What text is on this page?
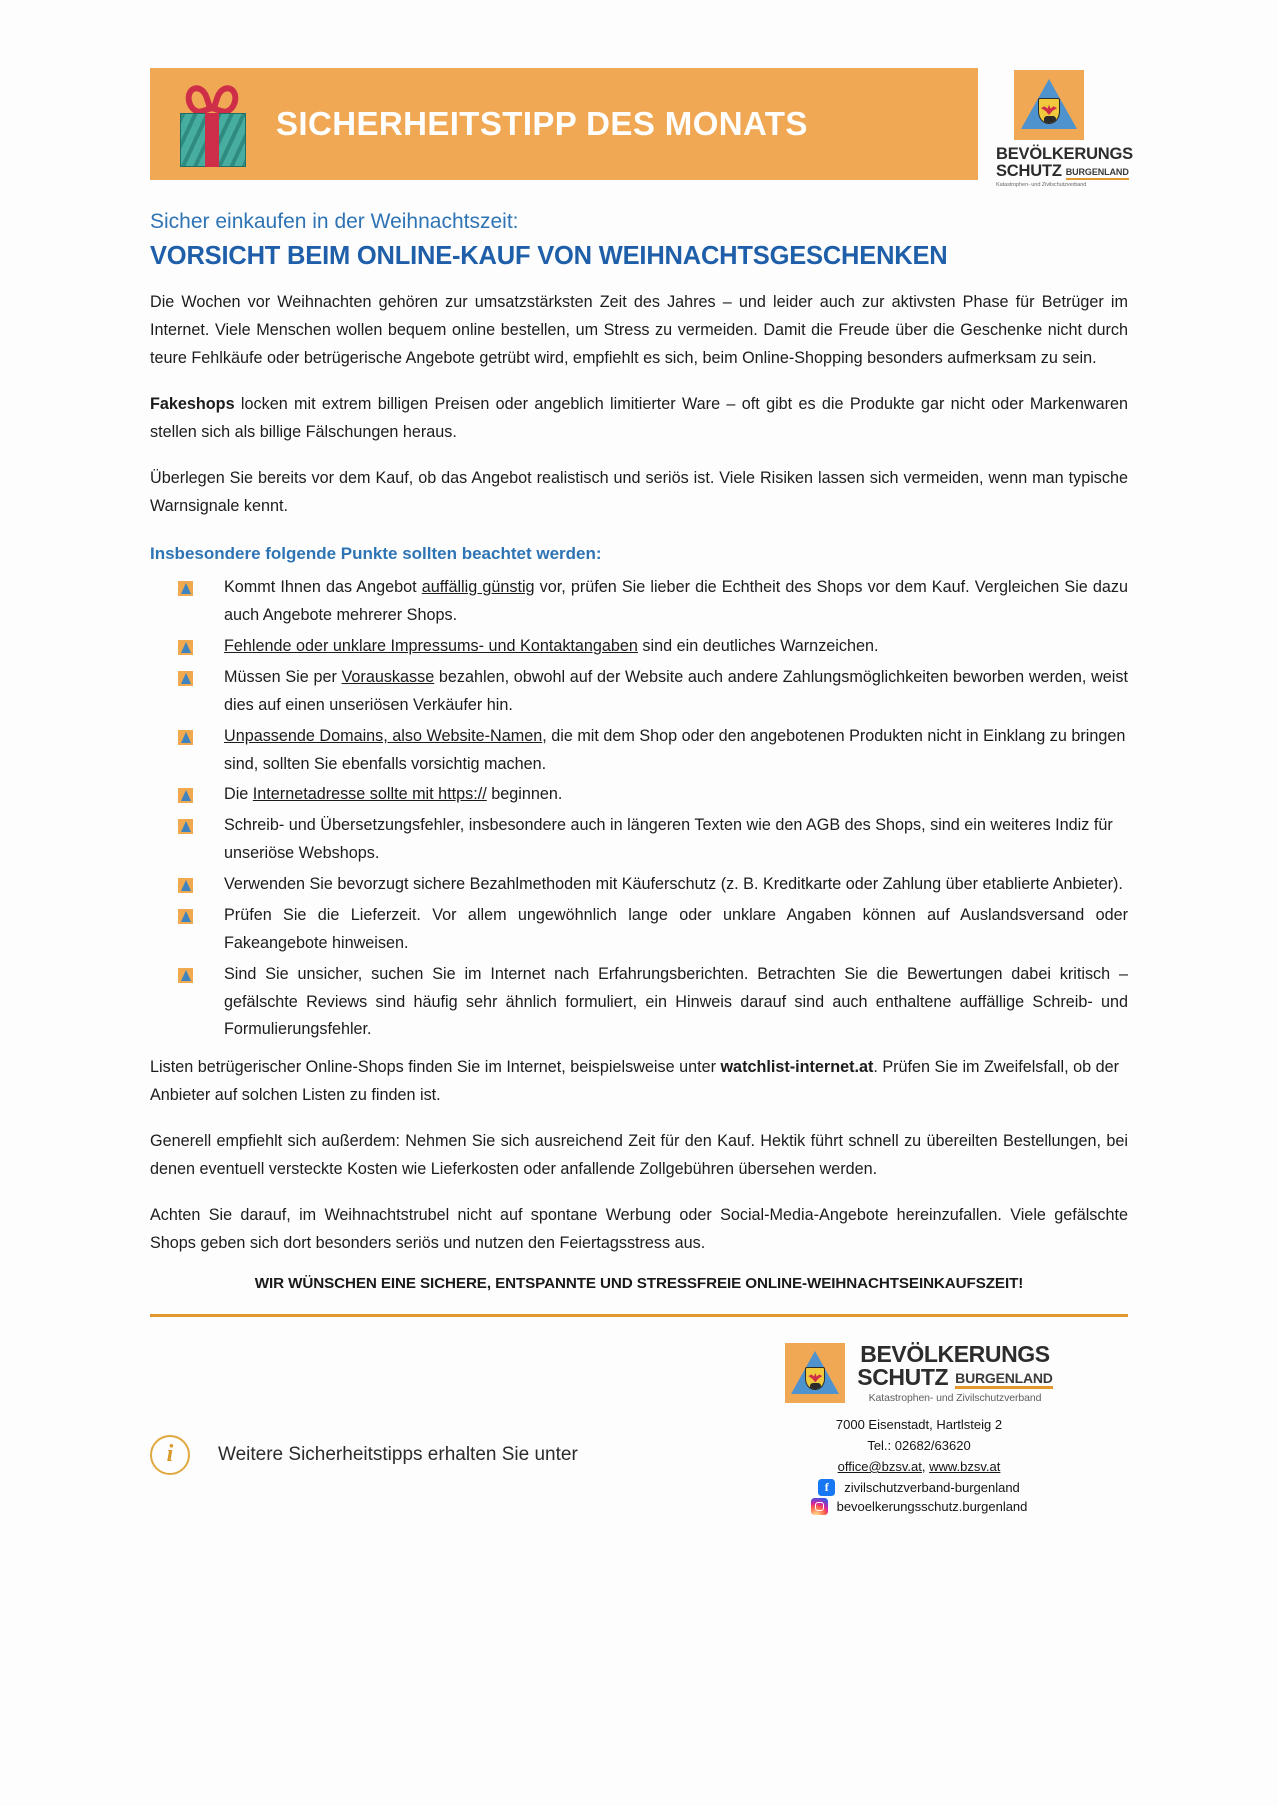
SICHERHEITSTIPP DES MONATS
BEVÖLKERUNGS
SCHUTZ BURGENLAND
Katastrophen- und Zivilschutzverband
Sicher einkaufen in der Weihnachtszeit:
VORSICHT BEIM ONLINE-KAUF VON WEIHNACHTSGESCHENKEN

Die Wochen vor Weihnachten gehören zur umsatzstärksten Zeit des Jahres – und leider auch zur aktivsten Phase für Betrüger im Internet. Viele Menschen wollen bequem online bestellen, um Stress zu vermeiden. Damit die Freude über die Geschenke nicht durch teure Fehlkäufe oder betrügerische Angebote getrübt wird, empfiehlt es sich, beim Online-Shopping besonders aufmerksam zu sein.

Fakeshops locken mit extrem billigen Preisen oder angeblich limitierter Ware – oft gibt es die Produkte gar nicht oder Markenwaren stellen sich als billige Fälschungen heraus.

Überlegen Sie bereits vor dem Kauf, ob das Angebot realistisch und seriös ist. Viele Risiken lassen sich vermeiden, wenn man typische Warnsignale kennt.

Insbesondere folgende Punkte sollten beachtet werden:
Kommt Ihnen das Angebot auffällig günstig vor, prüfen Sie lieber die Echtheit des Shops vor dem Kauf. Vergleichen Sie dazu auch Angebote mehrerer Shops.
Fehlende oder unklare Impressums- und Kontaktangaben sind ein deutliches Warnzeichen.
Müssen Sie per Vorauskasse bezahlen, obwohl auf der Website auch andere Zahlungsmöglichkeiten beworben werden, weist dies auf einen unseriösen Verkäufer hin.
Unpassende Domains, also Website-Namen, die mit dem Shop oder den angebotenen Produkten nicht in Einklang zu bringen sind, sollten Sie ebenfalls vorsichtig machen.
Die Internetadresse sollte mit https:// beginnen.
Schreib- und Übersetzungsfehler, insbesondere auch in längeren Texten wie den AGB des Shops, sind ein weiteres Indiz für unseriöse Webshops.
Verwenden Sie bevorzugt sichere Bezahlmethoden mit Käuferschutz (z. B. Kreditkarte oder Zahlung über etablierte Anbieter).
Prüfen Sie die Lieferzeit. Vor allem ungewöhnlich lange oder unklare Angaben können auf Auslandsversand oder Fakeangebote hinweisen.
Sind Sie unsicher, suchen Sie im Internet nach Erfahrungsberichten. Betrachten Sie die Bewertungen dabei kritisch – gefälschte Reviews sind häufig sehr ähnlich formuliert, ein Hinweis darauf sind auch enthaltene auffällige Schreib- und Formulierungsfehler.

Listen betrügerischer Online-Shops finden Sie im Internet, beispielsweise unter watchlist-internet.at. Prüfen Sie im Zweifelsfall, ob der Anbieter auf solchen Listen zu finden ist.

Generell empfiehlt sich außerdem: Nehmen Sie sich ausreichend Zeit für den Kauf. Hektik führt schnell zu übereilten Bestellungen, bei denen eventuell versteckte Kosten wie Lieferkosten oder anfallende Zollgebühren übersehen werden.

Achten Sie darauf, im Weihnachtstrubel nicht auf spontane Werbung oder Social-Media-Angebote hereinzufallen. Viele gefälschte Shops geben sich dort besonders seriös und nutzen den Feiertagsstress aus.

WIR WÜNSCHEN EINE SICHERE, ENTSPANNTE UND STRESSFREIE ONLINE-WEIHNACHTSEINKAUFSZEIT!
i	Weitere Sicherheitstipps erhalten Sie unter
BEVÖLKERUNGS
SCHUTZ BURGENLAND
Katastrophen- und Zivilschutzverband
7000 Eisenstadt, Hartlsteig 2
Tel.: 02682/63620
office@bzsv.at, www.bzsv.at
f	zivilschutzverband-burgenland
bevoelkerungsschutz.burgenland
